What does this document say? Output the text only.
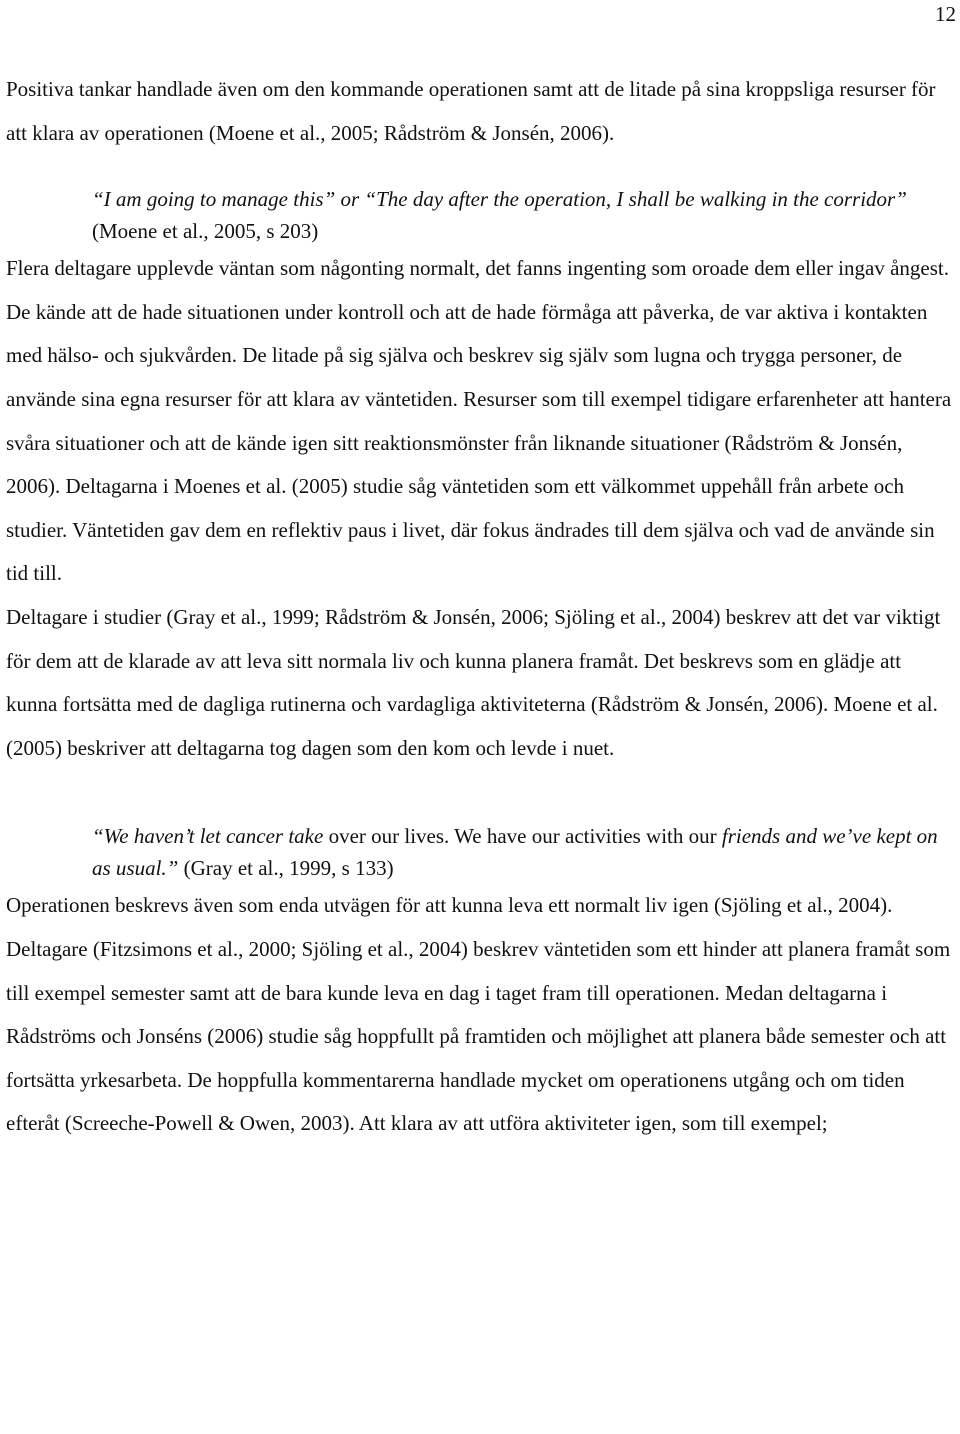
12

Positiva tankar handlade även om den kommande operationen samt att de litade på sina kroppsliga resurser för att klara av operationen (Moene et al., 2005; Rådström & Jonsén, 2006).

“I am going to manage this” or “The day after the operation, I shall be walking in the corridor” (Moene et al., 2005, s 203)

Flera deltagare upplevde väntan som någonting normalt, det fanns ingenting som oroade dem eller ingav ångest. De kände att de hade situationen under kontroll och att de hade förmåga att påverka, de var aktiva i kontakten med hälso- och sjukvården. De litade på sig själva och beskrev sig själv som lugna och trygga personer, de använde sina egna resurser för att klara av väntetiden. Resurser som till exempel tidigare erfarenheter att hantera svåra situationer och att de kände igen sitt reaktionsmönster från liknande situationer (Rådström & Jonsén, 2006). Deltagarna i Moenes et al. (2005) studie såg väntetiden som ett välkommet uppehåll från arbete och studier. Väntetiden gav dem en reflektiv paus i livet, där fokus ändrades till dem själva och vad de använde sin tid till.

Deltagare i studier (Gray et al., 1999; Rådström & Jonsén, 2006; Sjöling et al., 2004) beskrev att det var viktigt för dem att de klarade av att leva sitt normala liv och kunna planera framåt. Det beskrevs som en glädje att kunna fortsätta med de dagliga rutinerna och vardagliga aktiviteterna (Rådström & Jonsén, 2006). Moene et al. (2005) beskriver att deltagarna tog dagen som den kom och levde i nuet.

“We haven’t let cancer take over our lives. We have our activities with our friends and we’ve kept on as usual.” (Gray et al., 1999, s 133)

Operationen beskrevs även som enda utvägen för att kunna leva ett normalt liv igen (Sjöling et al., 2004). Deltagare (Fitzsimons et al., 2000; Sjöling et al., 2004) beskrev väntetiden som ett hinder att planera framåt som till exempel semester samt att de bara kunde leva en dag i taget fram till operationen. Medan deltagarna i Rådströms och Jonséns (2006) studie såg hoppfullt på framtiden och möjlighet att planera både semester och att fortsätta yrkesarbeta. De hoppfulla kommentarerna handlade mycket om operationens utgång och om tiden efteråt (Screeche-Powell & Owen, 2003). Att klara av att utföra aktiviteter igen, som till exempel;
